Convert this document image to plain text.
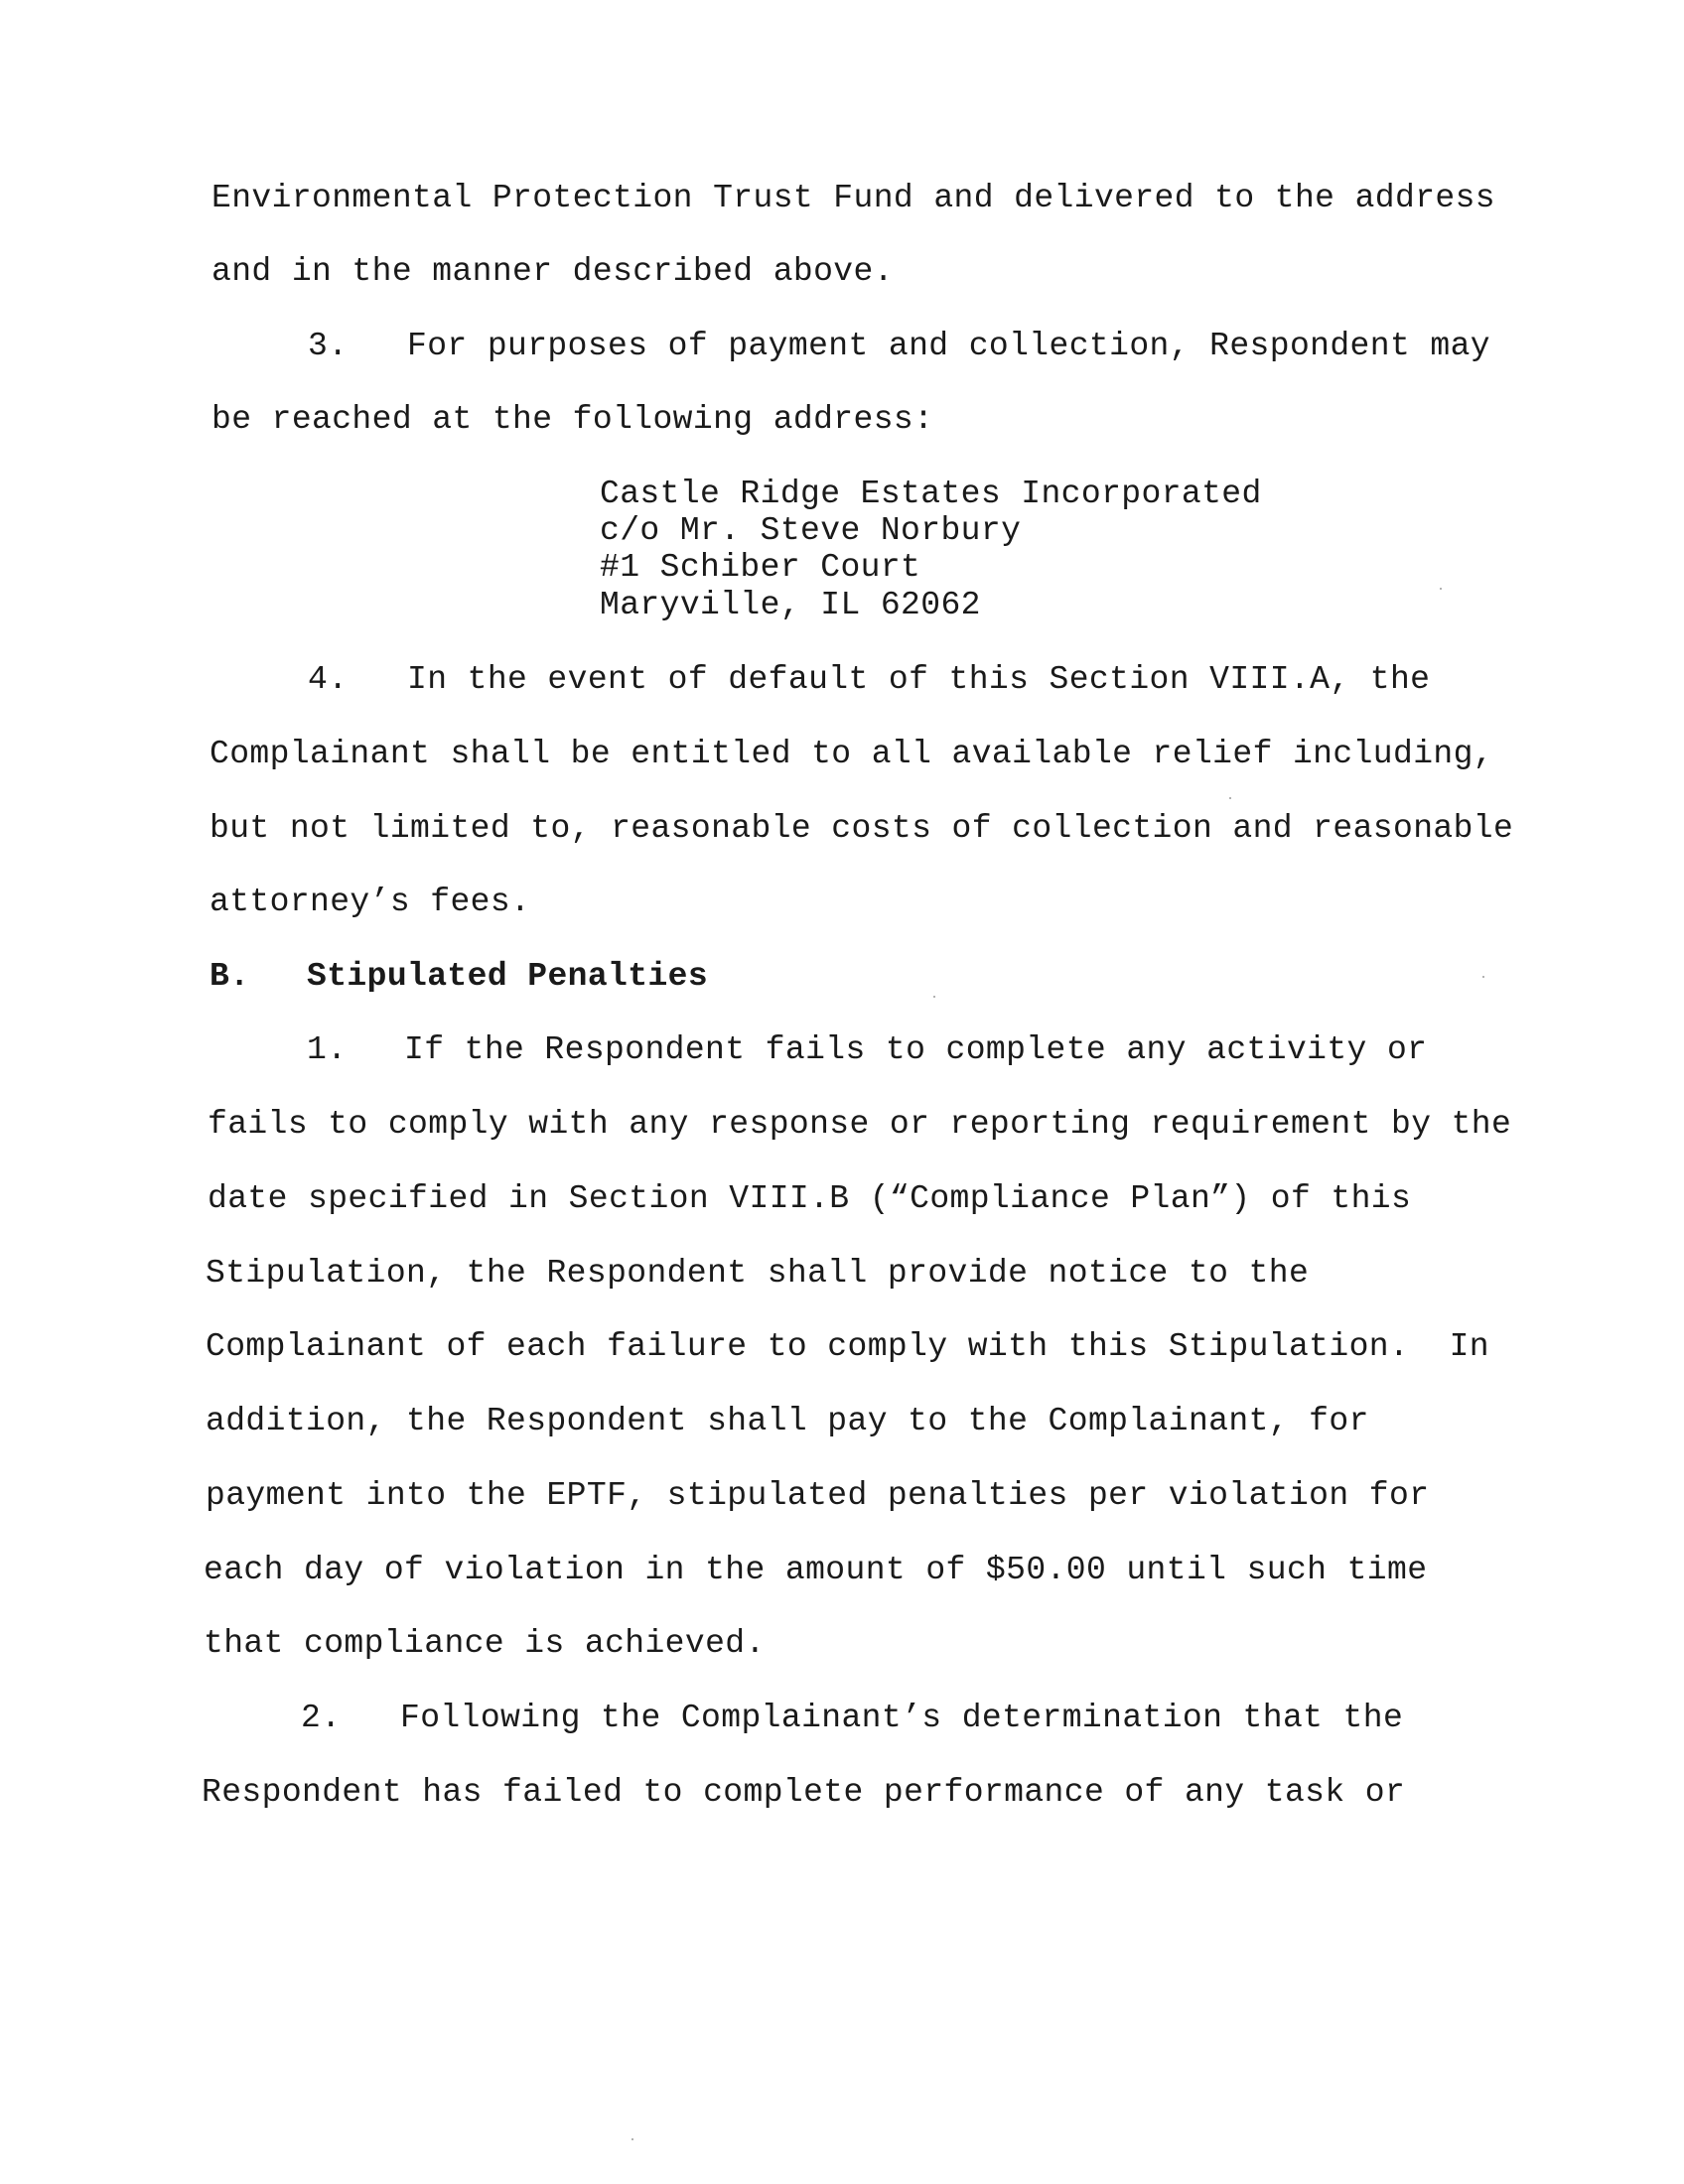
Environmental Protection Trust Fund and delivered to the address
and in the manner described above.
3. For purposes of payment and collection, Respondent may
be reached at the following address:
Castle Ridge Estates Incorporated
c/o Mr. Steve Norbury
#1 Schiber Court
Maryville, IL 62062
4. In the event of default of this Section VIII.A, the
Complainant shall be entitled to all available relief including,
but not limited to, reasonable costs of collection and reasonable
attorney’s fees.
B. Stipulated Penalties
1. If the Respondent fails to complete any activity or
fails to comply with any response or reporting requirement by the
date specified in Section VIII.B (“Compliance Plan”) of this
Stipulation, the Respondent shall provide notice to the
Complainant of each failure to comply with this Stipulation.  In
addition, the Respondent shall pay to the Complainant, for
payment into the EPTF, stipulated penalties per violation for
each day of violation in the amount of $50.00 until such time
that compliance is achieved.
2. Following the Complainant’s determination that the
Respondent has failed to complete performance of any task or
